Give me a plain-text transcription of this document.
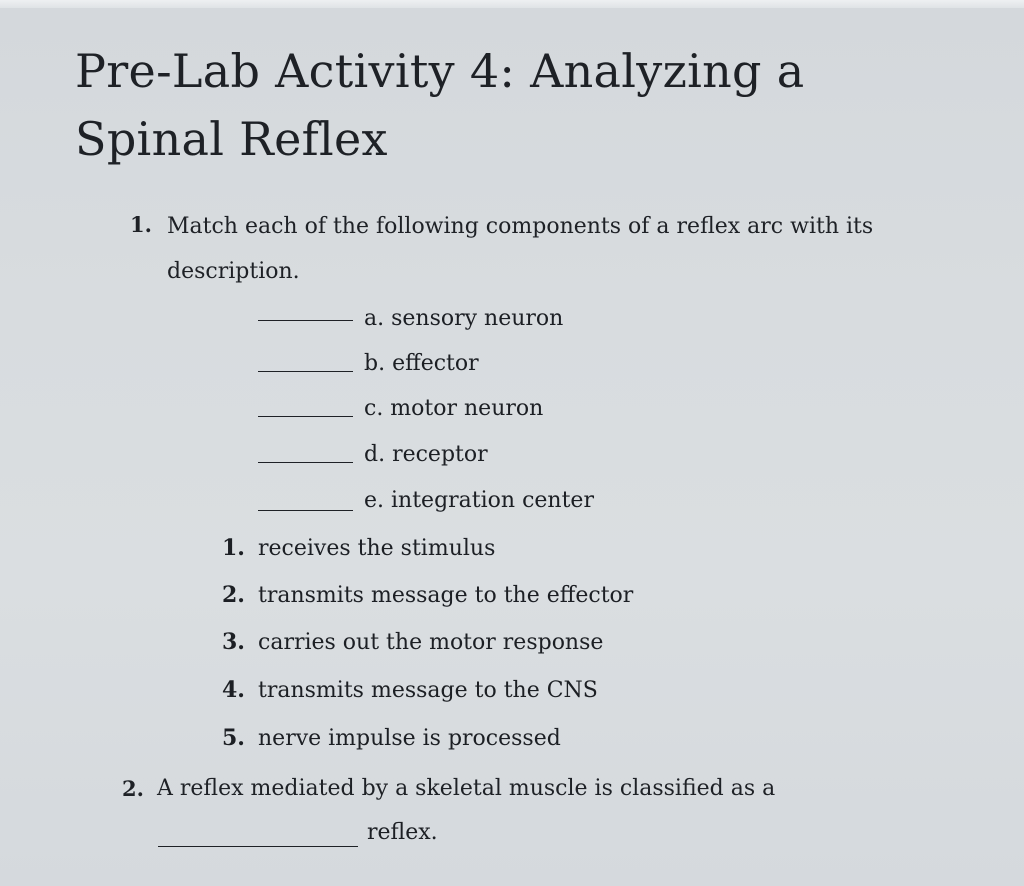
Pre-Lab Activity 4: Analyzing a
Spinal Reflex
1. Match each of the following components of a reflex arc with its
description.
a. sensory neuron
b. effector
c. motor neuron
d. receptor
e. integration center
1. receives the stimulus
2. transmits message to the effector
3. carries out the motor response
4. transmits message to the CNS
5. nerve impulse is processed
2. A reflex mediated by a skeletal muscle is classified as a
reflex.
